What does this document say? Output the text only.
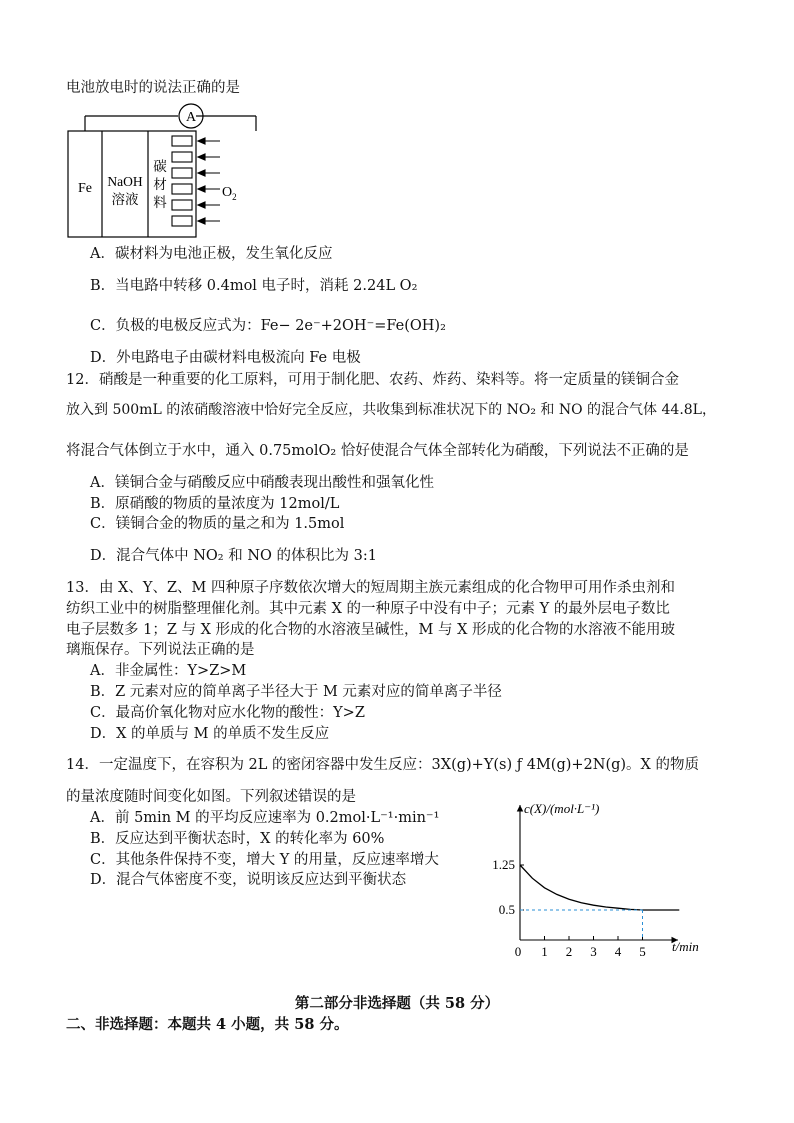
电池放电时的说法正确的是
A
Fe NaOH
溶液
碳
材
料
$O_2$
A．碳材料为电池正极，发生氧化反应
B．当电路中转移 0.4mol 电子时，消耗 2.24L O₂
C．负极的电极反应式为：Fe− 2e⁻+2OH⁻=Fe(OH)₂
D．外电路电子由碳材料电极流向 Fe 电极
12．硝酸是一种重要的化工原料，可用于制化肥、农药、炸药、染料等。将一定质量的镁铜合金
放入到 500mL 的浓硝酸溶液中恰好完全反应，共收集到标准状况下的 NO₂ 和 NO 的混合气体 44.8L，
将混合气体倒立于水中，通入 0.75molO₂ 恰好使混合气体全部转化为硝酸，下列说法不正确的是
A．镁铜合金与硝酸反应中硝酸表现出酸性和强氧化性
B．原硝酸的物质的量浓度为 12mol/L
C．镁铜合金的物质的量之和为 1.5mol
D．混合气体中 NO₂ 和 NO 的体积比为 3:1
13．由 X、Y、Z、M 四种原子序数依次增大的短周期主族元素组成的化合物甲可用作杀虫剂和
纺织工业中的树脂整理催化剂。其中元素 X 的一种原子中没有中子；元素 Y 的最外层电子数比
电子层数多 1；Z 与 X 形成的化合物的水溶液呈碱性，M 与 X 形成的化合物的水溶液不能用玻
璃瓶保存。下列说法正确的是
A．非金属性：Y>Z>M
B．Z 元素对应的简单离子半径大于 M 元素对应的简单离子半径
C．最高价氧化物对应水化物的酸性：Y>Z
D．X 的单质与 M 的单质不发生反应
14．一定温度下，在容积为 2L 的密闭容器中发生反应：3X(g)+Y(s) ƒ 4M(g)+2N(g)。X 的物质
的量浓度随时间变化如图。下列叙述错误的是
A．前 5min M 的平均反应速率为 0.2mol·L⁻¹·min⁻¹
B．反应达到平衡状态时，X 的转化率为 60%
C．其他条件保持不变，增大 Y 的用量，反应速率增大
D．混合气体密度不变，说明该反应达到平衡状态
c(X)/(mol·L⁻¹)
t/min
0 1 2 3 4 5
1.25
0.5
第二部分非选择题（共 58 分）
二、非选择题：本题共 4 小题，共 58 分。
